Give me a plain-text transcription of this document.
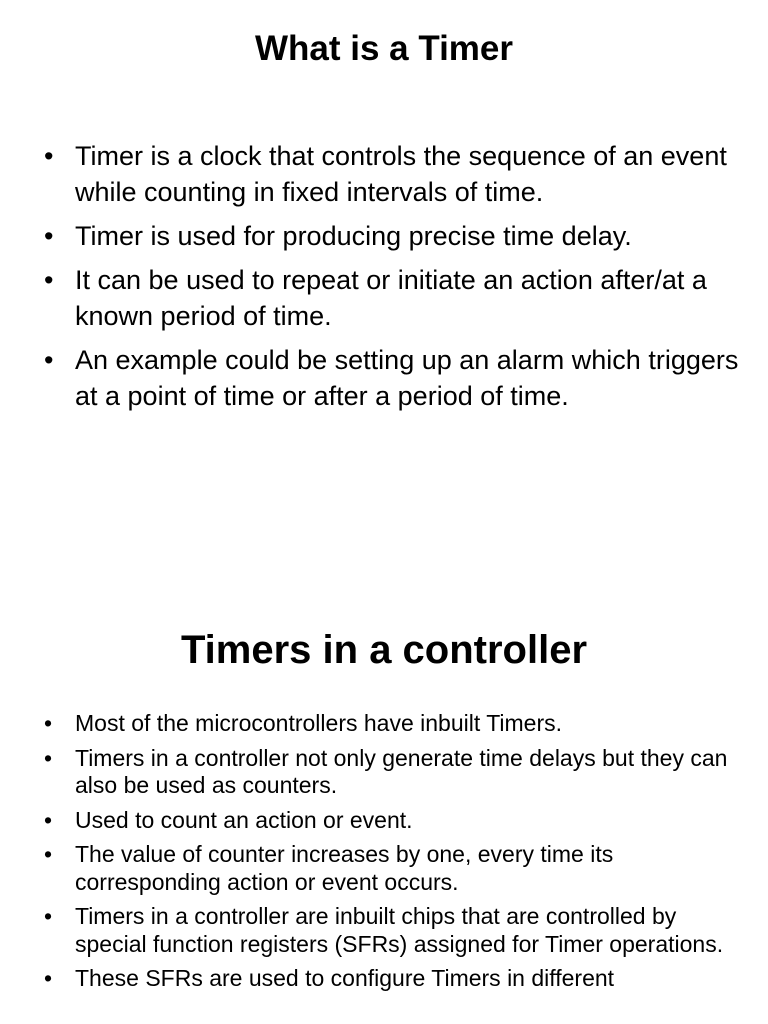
What is a Timer
• Timer is a clock that controls the sequence of an event while counting in fixed intervals of time.
• Timer is used for producing precise time delay.
• It can be used to repeat or initiate an action after/at a known period of time.
• An example could be setting up an alarm which triggers at a point of time or after a period of time.
Timers in a controller
• Most of the microcontrollers have inbuilt Timers.
• Timers in a controller not only generate time delays but they can also be used as counters.
• Used to count an action or event.
• The value of counter increases by one, every time its corresponding action or event occurs.
• Timers in a controller are inbuilt chips that are controlled by special function registers (SFRs) assigned for Timer operations.
• These SFRs are used to configure Timers in different
